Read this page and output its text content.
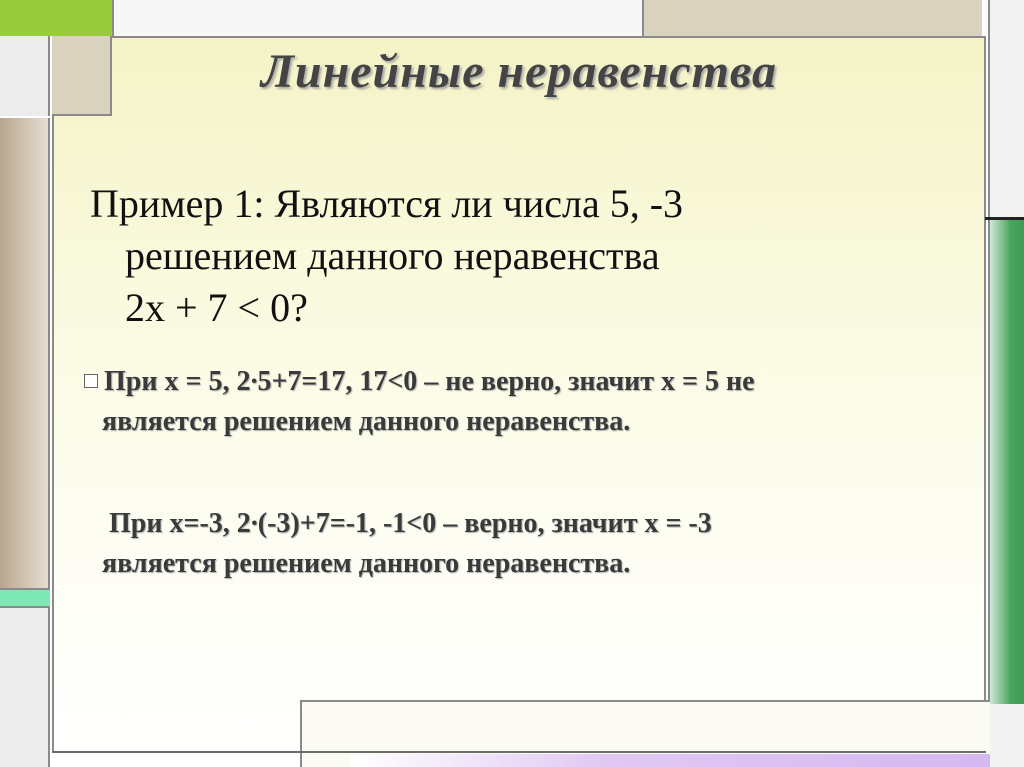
Линейные неравенства
Пример 1: Являются ли числа 5, -3
решением данного неравенства
2x + 7 < 0?
При х = 5, 2∙5+7=17, 17<0 – не верно, значит х = 5 не
является решением данного неравенства.
При х=-3, 2∙(-3)+7=-1, -1<0 – верно, значит х = -3
является решением данного неравенства.
